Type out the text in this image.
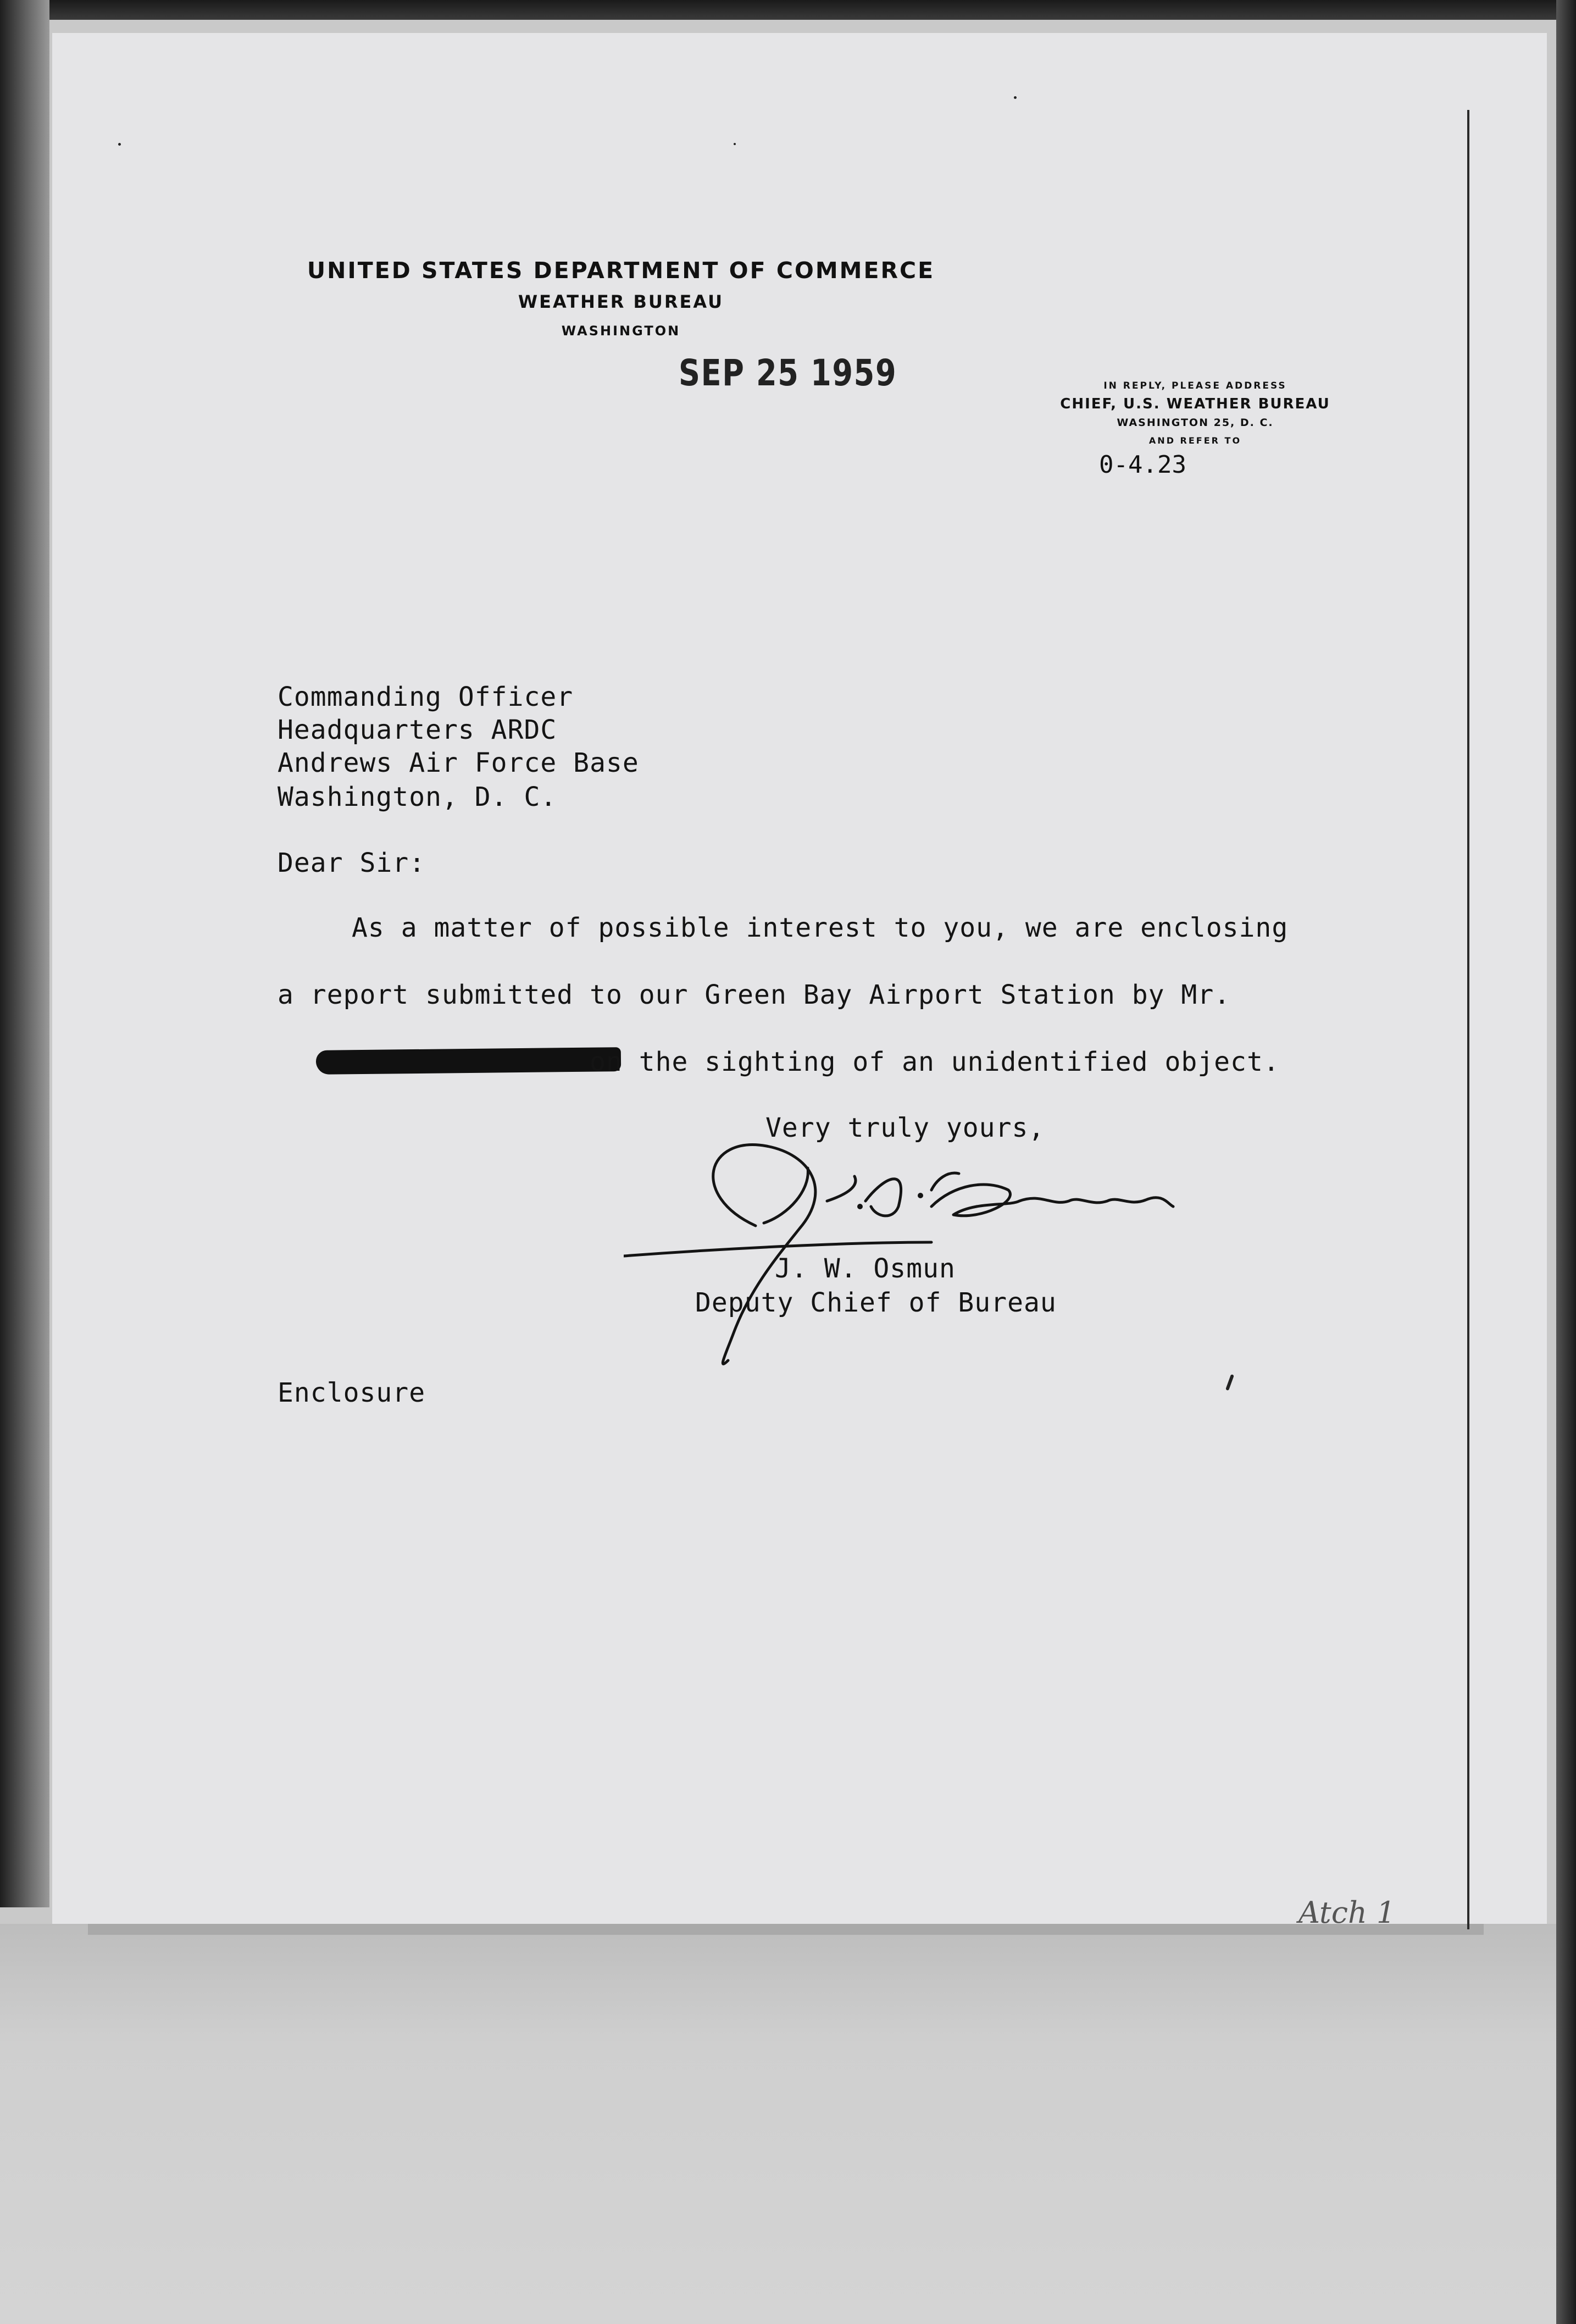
UNITED STATES DEPARTMENT OF COMMERCE
WEATHER BUREAU
WASHINGTON
SEP 25 1959	IN REPLY, PLEASE ADDRESS
CHIEF, U.S. WEATHER BUREAU
WASHINGTON 25, D. C.
AND REFER TO
0-4.23
Commanding Officer
Headquarters ARDC
Andrews Air Force Base
Washington, D. C.
Dear Sir:
As a matter of possible interest to you, we are enclosing
a report submitted to our Green Bay Airport Station by Mr.
on the sighting of an unidentified object.
Very truly yours,
J. W. Osmun
Deputy Chief of Bureau
Enclosure
Atch 1
